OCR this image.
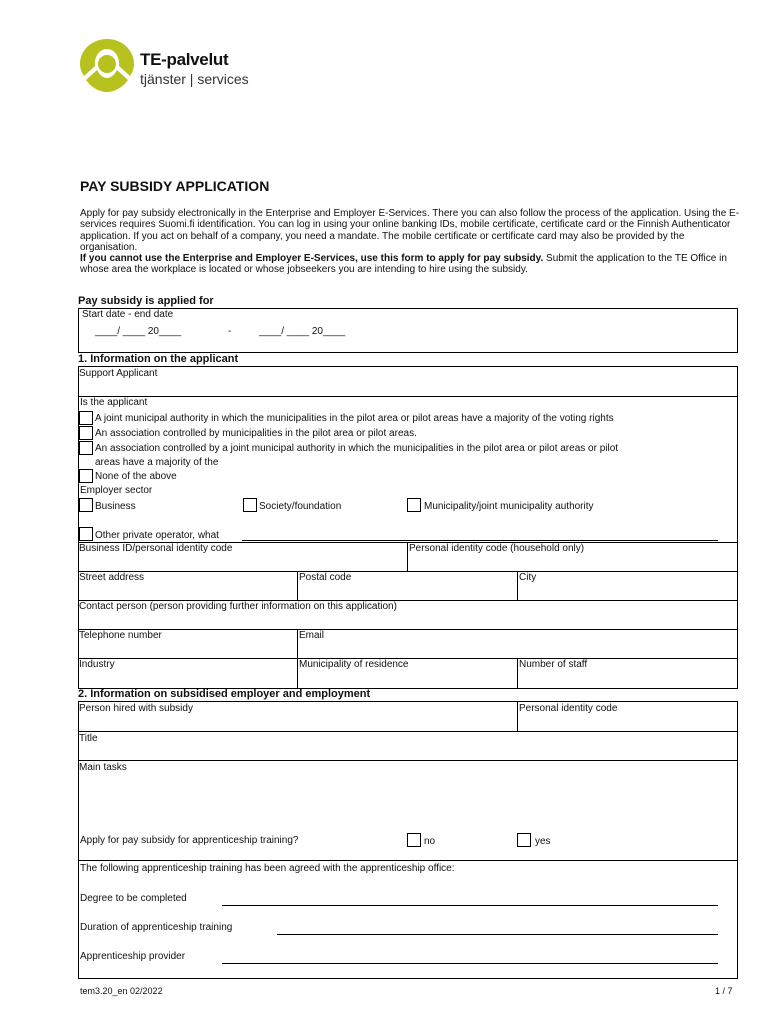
TE-palvelut
tjänster | services
PAY SUBSIDY APPLICATION
Apply for pay subsidy electronically in the Enterprise and Employer E-Services. There you can also follow the process of the application. Using the E-services requires Suomi.fi identification. You can log in using your online banking IDs, mobile certificate, certificate card or the Finnish Authenticator application. If you act on behalf of a company, you need a mandate. The mobile certificate or certificate card may also be provided by the organisation.
If you cannot use the Enterprise and Employer E-Services, use this form to apply for pay subsidy. Submit the application to the TE Office in whose area the workplace is located or whose jobseekers you are intending to hire using the subsidy.
Pay subsidy is applied for
Start date - end date
____/ ____ 20____	-	____/ ____ 20____
1. Information on the applicant
Support Applicant
Is the applicant
A joint municipal authority in which the municipalities in the pilot area or pilot areas have a majority of the voting rights
An association controlled by municipalities in the pilot area or pilot areas.
An association controlled by a joint municipal authority in which the municipalities in the pilot area or pilot areas or pilot
areas have a majority of the
None of the above
Employer sector
Business	Society/foundation	Municipality/joint municipality authority
Other private operator, what
Business ID/personal identity code	Personal identity code (household only)
Street address	Postal code	City
Contact person (person providing further information on this application)
Telephone number	Email
Industry	Municipality of residence	Number of staff
2. Information on subsidised employer and employment
Person hired with subsidy	Personal identity code
Title
Main tasks
Apply for pay subsidy for apprenticeship training?	no	yes
The following apprenticeship training has been agreed with the apprenticeship office:
Degree to be completed
Duration of apprenticeship training
Apprenticeship provider
tem3.20_en 02/2022	1 / 7
